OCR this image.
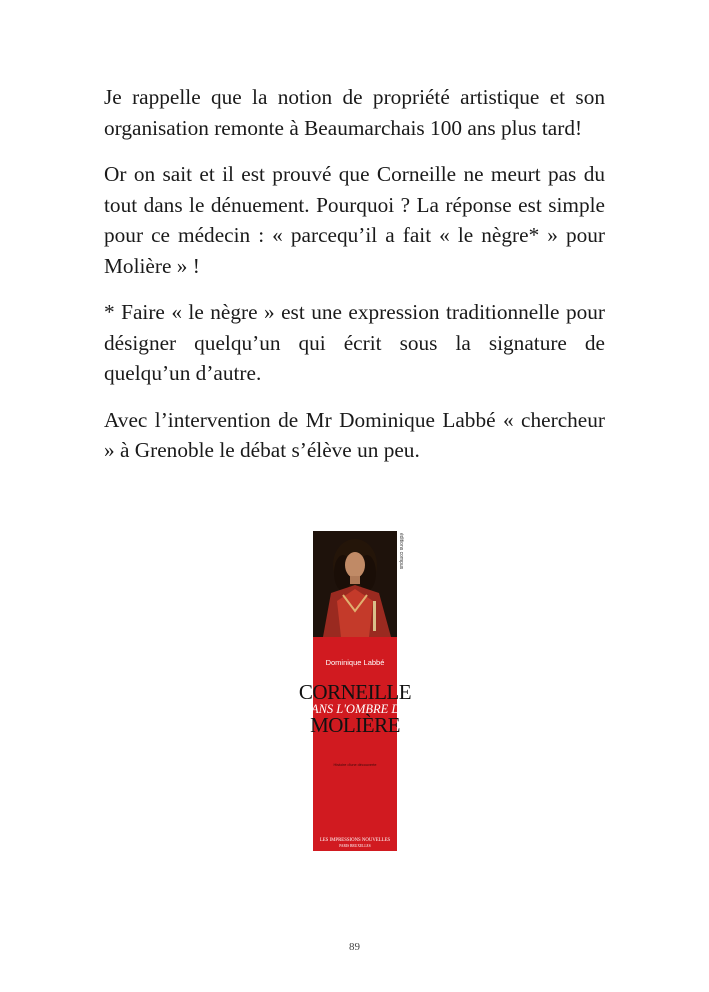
Je rappelle que la notion de propriété artistique et son organisation remonte à Beaumarchais 100 ans plus tard!

Or on sait et il est prouvé que Corneille ne meurt pas du tout dans le dénuement. Pourquoi ? La réponse est simple pour ce médecin : « parcequ’il a fait « le nègre* » pour Molière » !

* Faire « le nègre » est une expression traditionnelle pour désigner quelqu’un qui écrit sous la signature de quelqu’un d’autre.

Avec l’intervention de Mr Dominique Labbé « chercheur » à Grenoble le débat s’élève un peu.

Dominique Labbé
CORNEILLE
DANS L'OMBRE DE
MOLIÈRE
Histoire d'une découverte
LES IMPRESSIONS NOUVELLES
PARIS BRUXELLES
éditions compus
89
